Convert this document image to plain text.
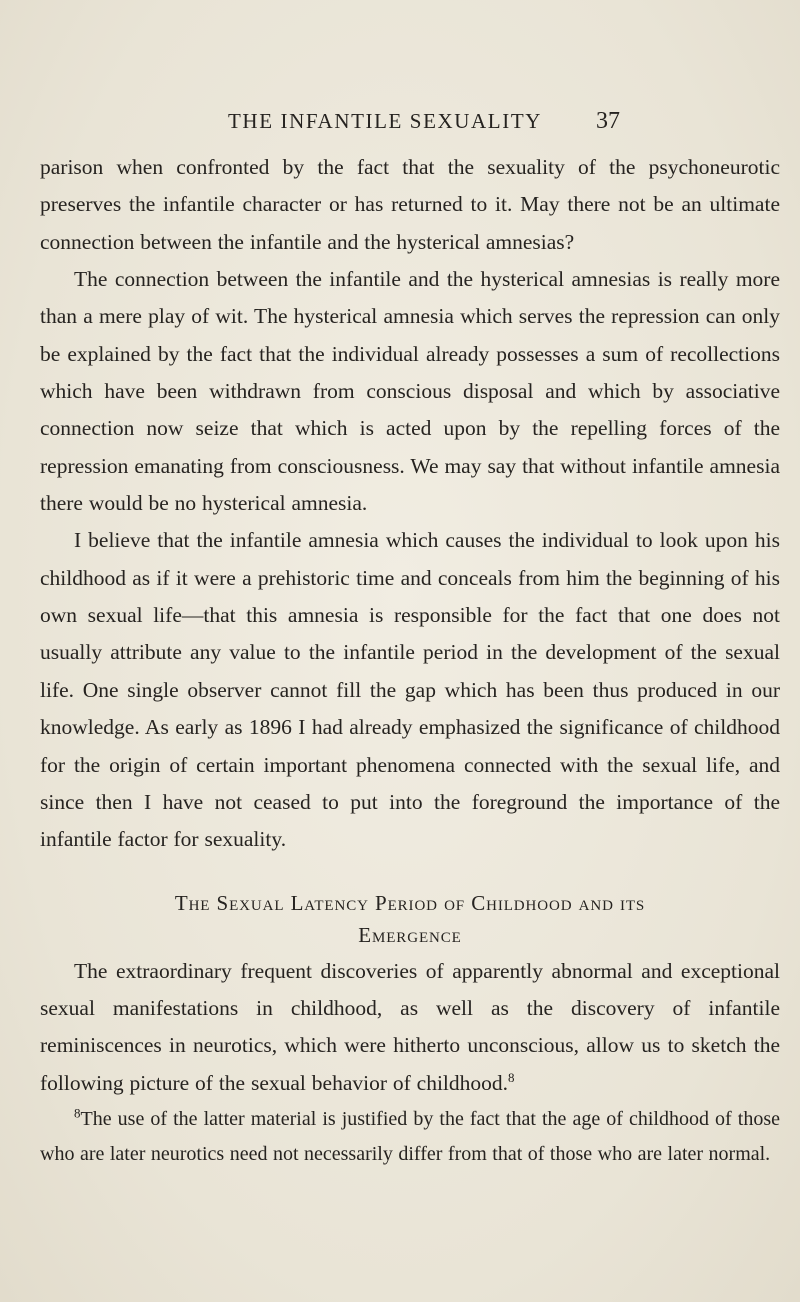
THE INFANTILE SEXUALITY 37

parison when confronted by the fact that the sexuality of the psychoneurotic preserves the infantile character or has returned to it. May there not be an ultimate connection between the infantile and the hysterical amnesias?

The connection between the infantile and the hysterical amnesias is really more than a mere play of wit. The hysterical amnesia which serves the repression can only be explained by the fact that the individual already possesses a sum of recollections which have been withdrawn from conscious disposal and which by associative connection now seize that which is acted upon by the repelling forces of the repression emanating from consciousness. We may say that without infantile amnesia there would be no hysterical amnesia.

I believe that the infantile amnesia which causes the individual to look upon his childhood as if it were a prehistoric time and conceals from him the beginning of his own sexual life—that this amnesia is responsible for the fact that one does not usually attribute any value to the infantile period in the development of the sexual life. One single observer cannot fill the gap which has been thus produced in our knowledge. As early as 1896 I had already emphasized the significance of childhood for the origin of certain important phenomena connected with the sexual life, and since then I have not ceased to put into the foreground the importance of the infantile factor for sexuality.

The Sexual Latency Period of Childhood and its
Emergence

The extraordinary frequent discoveries of apparently abnormal and exceptional sexual manifestations in childhood, as well as the discovery of infantile reminiscences in neurotics, which were hitherto unconscious, allow us to sketch the following picture of the sexual behavior of childhood.$^8$

$^8$The use of the latter material is justified by the fact that the age of childhood of those who are later neurotics need not necessarily differ from that of those who are later normal.
